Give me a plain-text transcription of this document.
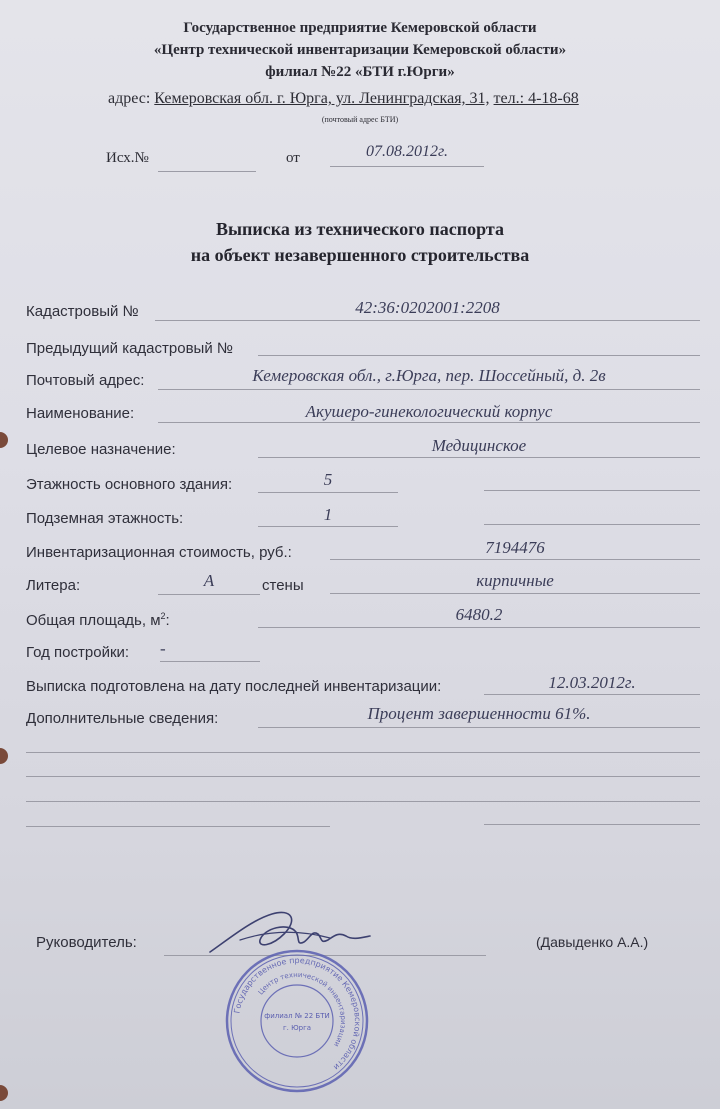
Государственное предприятие Кемеровской области
«Центр технической инвентаризации Кемеровской области»
филиал №22 «БТИ г.Юрги»
адрес: Кемеровская обл. г. Юрга, ул. Ленинградская, 31, тел.: 4-18-68
(почтовый адрес БТИ)
Исх.№	от	07.08.2012г.
Выписка из технического паспорта
на объект незавершенного строительства
Кадастровый №	42:36:0202001:2208
Предыдущий кадастровый №
Почтовый адрес:	Кемеровская обл., г.Юрга, пер. Шоссейный, д. 2в
Наименование:	Акушеро-гинекологический корпус
Целевое назначение:	Медицинское
Этажность основного здания:	5
Подземная этажность:	1
Инвентаризационная стоимость, руб.:	7194476
Литера:	А	стены	кирпичные
Общая площадь, $м^2$:	6480.2
Год постройки: -
Выписка подготовлена на дату последней инвентаризации:	12.03.2012г.
Дополнительные сведения:	Процент завершенности 61%.
Руководитель:	(Давыденко А.А.)
Государственное предприятие Кемеровской области
Центр технической инвентаризации
филиал № 22 БТИ
г. Юрга
